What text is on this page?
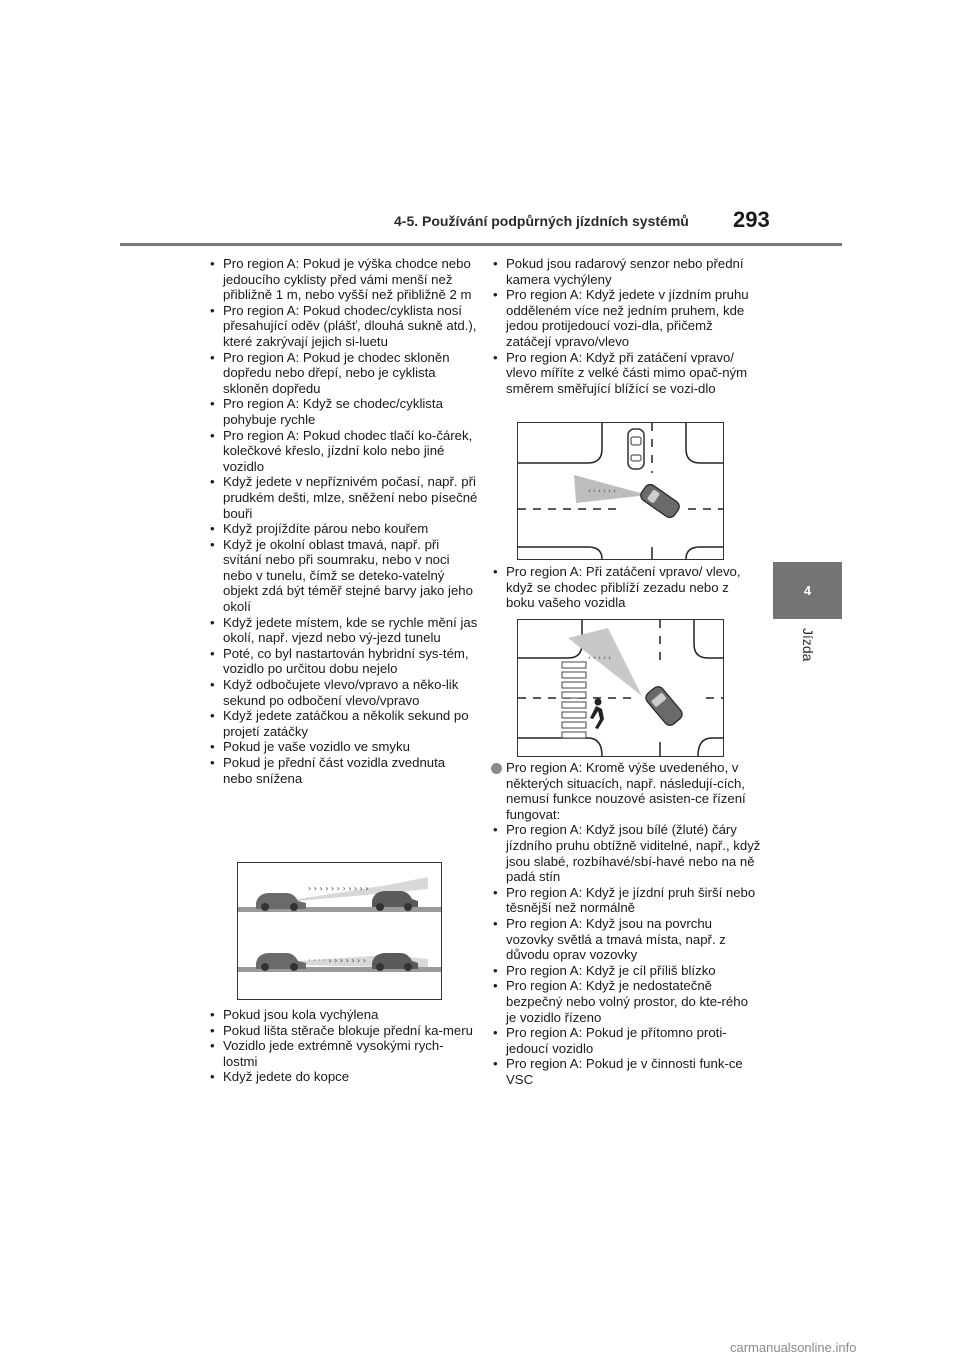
4-5. Používání podpůrných jízdních systémů 293
4
Jízda
• Pro region A: Pokud je výška chodce nebo jedoucího cyklisty před vámi menší než přibližně 1 m, nebo vyšší než přibližně 2 m
• Pro region A: Pokud chodec/cyklista nosí přesahující oděv (plášť, dlouhá sukně atd.), které zakrývají jejich si-luetu
• Pro region A: Pokud je chodec skloněn dopředu nebo dřepí, nebo je cyklista skloněn dopředu
• Pro region A: Když se chodec/cyklista pohybuje rychle
• Pro region A: Pokud chodec tlačí ko-čárek, kolečkové křeslo, jízdní kolo nebo jiné vozidlo
• Když jedete v nepříznivém počasí, např. při prudkém dešti, mlze, sněžení nebo písečné bouři
• Když projíždíte párou nebo kouřem
• Když je okolní oblast tmavá, např. při svítání nebo při soumraku, nebo v noci nebo v tunelu, čímž se deteko-vatelný objekt zdá být téměř stejné barvy jako jeho okolí
• Když jedete místem, kde se rychle mění jas okolí, např. vjezd nebo vý-jezd tunelu
• Poté, co byl nastartován hybridní sys-tém, vozidlo po určitou dobu nejelo
• Když odbočujete vlevo/vpravo a něko-lik sekund po odbočení vlevo/vpravo
• Když jedete zatáčkou a několik sekund po projetí zatáčky
• Pokud je vaše vozidlo ve smyku
• Pokud je přední část vozidla zvednuta nebo snížena
› › › › › › › › › › ›
· · · · › › › › › › ›
• Pokud jsou kola vychýlena
• Pokud lišta stěrače blokuje přední ka-meru
• Vozidlo jede extrémně vysokými rych-lostmi
• Když jedete do kopce
• Pokud jsou radarový senzor nebo přední kamera vychýleny
• Pro region A: Když jedete v jízdním pruhu odděleném více než jedním pruhem, kde jedou protijedoucí vozi-dla, přičemž zatáčejí vpravo/vlevo
• Pro region A: Když při zatáčení vpravo/ vlevo míříte z velké části mimo opač-ným směrem směřující blížící se vozi-dlo
‹ ‹ ‹ ‹ ‹ ‹
• Pro region A: Při zatáčení vpravo/ vlevo, když se chodec přiblíží zezadu nebo z boku vašeho vozidla
‹ ‹ ‹ ‹ ‹
Pro region A: Kromě výše uvedeného, v některých situacích, např. následují-cích, nemusí funkce nouzové asisten-ce řízení fungovat:
• Pro region A: Když jsou bílé (žluté) čáry jízdního pruhu obtížně viditelné, např., když jsou slabé, rozbíhavé/sbí-havé nebo na ně padá stín
• Pro region A: Když je jízdní pruh širší nebo těsnější než normálně
• Pro region A: Když jsou na povrchu vozovky světlá a tmavá místa, např. z důvodu oprav vozovky
• Pro region A: Když je cíl příliš blízko
• Pro region A: Když je nedostatečně bezpečný nebo volný prostor, do kte-rého je vozidlo řízeno
• Pro region A: Pokud je přítomno proti-jedoucí vozidlo
• Pro region A: Pokud je v činnosti funk-ce VSC
carmanualsonline.info
